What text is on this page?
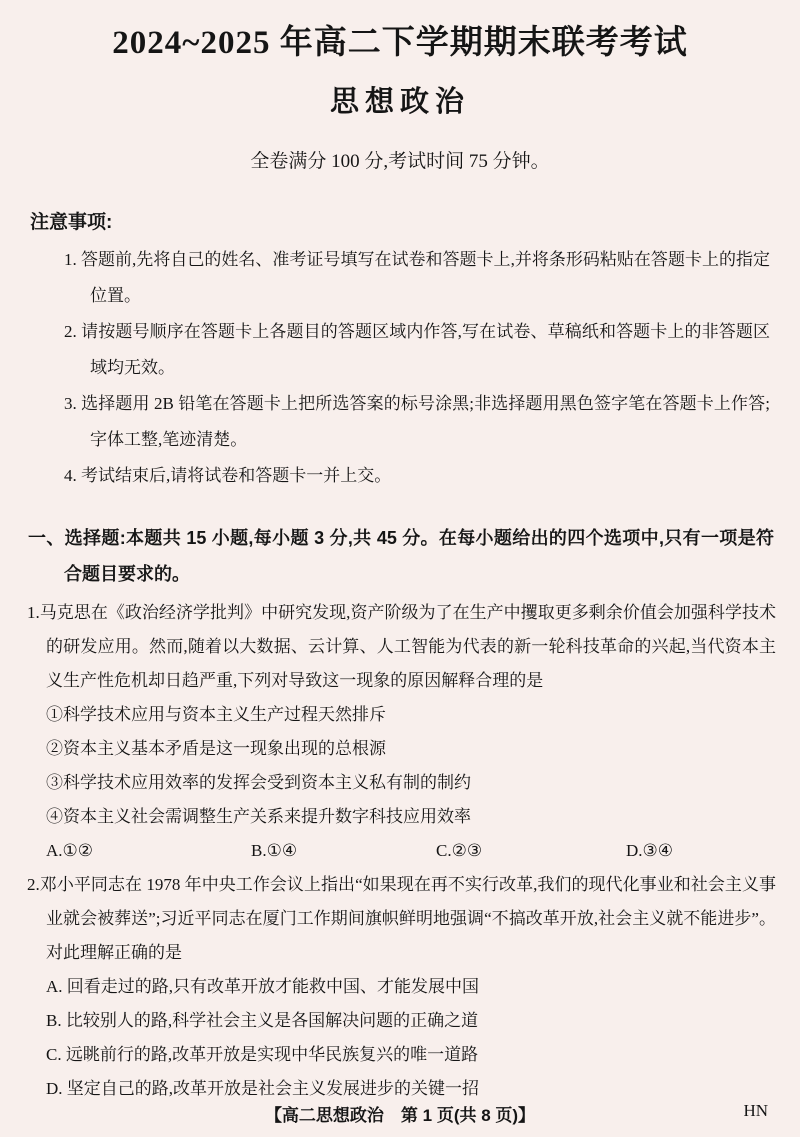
2024~2025 年高二下学期期末联考考试
思想政治
全卷满分 100 分,考试时间 75 分钟。
注意事项:
1. 答题前,先将自己的姓名、准考证号填写在试卷和答题卡上,并将条形码粘贴在答题卡上的指定位置。
2. 请按题号顺序在答题卡上各题目的答题区域内作答,写在试卷、草稿纸和答题卡上的非答题区域均无效。
3. 选择题用 2B 铅笔在答题卡上把所选答案的标号涂黑;非选择题用黑色签字笔在答题卡上作答;字体工整,笔迹清楚。
4. 考试结束后,请将试卷和答题卡一并上交。
一、选择题:本题共 15 小题,每小题 3 分,共 45 分。在每小题给出的四个选项中,只有一项是符合题目要求的。
1.马克思在《政治经济学批判》中研究发现,资产阶级为了在生产中攫取更多剩余价值会加强科学技术的研发应用。然而,随着以大数据、云计算、人工智能为代表的新一轮科技革命的兴起,当代资本主义生产性危机却日趋严重,下列对导致这一现象的原因解释合理的是
①科学技术应用与资本主义生产过程天然排斥
②资本主义基本矛盾是这一现象出现的总根源
③科学技术应用效率的发挥会受到资本主义私有制的制约
④资本主义社会需调整生产关系来提升数字科技应用效率
A.①②	B.①④	C.②③	D.③④
2.邓小平同志在 1978 年中央工作会议上指出“如果现在再不实行改革,我们的现代化事业和社会主义事业就会被葬送”;习近平同志在厦门工作期间旗帜鲜明地强调“不搞改革开放,社会主义就不能进步”。对此理解正确的是
A. 回看走过的路,只有改革开放才能救中国、才能发展中国
B. 比较别人的路,科学社会主义是各国解决问题的正确之道
C. 远眺前行的路,改革开放是实现中华民族复兴的唯一道路
D. 坚定自己的路,改革开放是社会主义发展进步的关键一招
【高二思想政治　第 1 页(共 8 页)】	HN
